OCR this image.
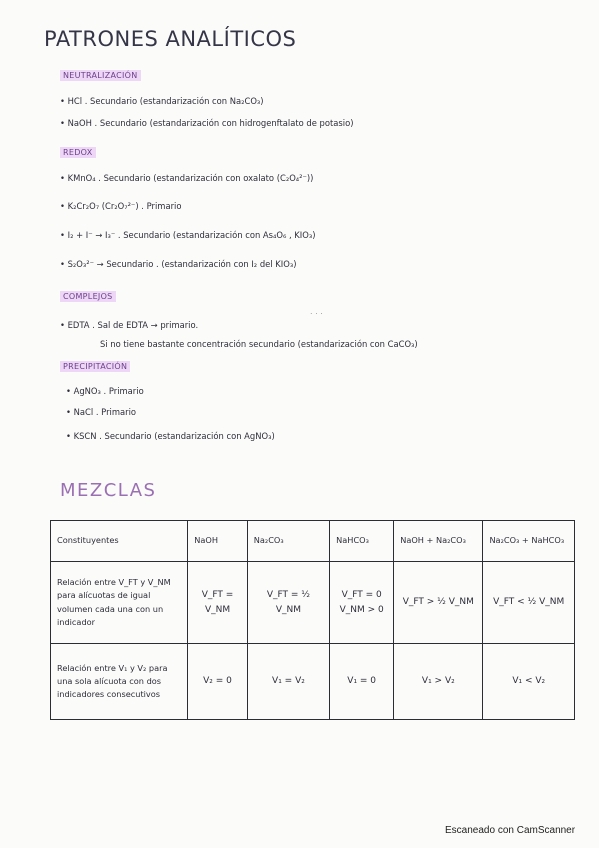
PATRONES ANALÍTICOS
NEUTRALIZACIÓN
• HCl . Secundario (estandarización con Na₂CO₃)
• NaOH . Secundario (estandarización con hidrogenftalato de potasio)
REDOX
• KMnO₄ . Secundario (estandarización con oxalato (C₂O₄²⁻))
• K₂Cr₂O₇ (Cr₂O₇²⁻) . Primario
• I₂ + I⁻ → I₃⁻ . Secundario (estandarización con As₄O₆ , KIO₃)
• S₂O₃²⁻ → Secundario . (estandarización con I₂ del KIO₃)
COMPLEJOS
. . .
• EDTA . Sal de EDTA → primario.
Si no tiene bastante concentración secundario (estandarización con CaCO₃)
PRECIPITACIÓN
• AgNO₃ . Primario
• NaCl . Primario
• KSCN . Secundario (estandarización con AgNO₃)
MEZCLAS
Constituyentes	NaOH	Na₂CO₃	NaHCO₃	NaOH + Na₂CO₃	Na₂CO₃ + NaHCO₃
Relación entre V_FT y V_NM para alícuotas de igual volumen cada una con un indicador	V_FT = V_NM	V_FT = ½ V_NM	V_FT = 0 V_NM > 0	V_FT > ½ V_NM	V_FT < ½ V_NM
Relación entre V₁ y V₂ para una sola alícuota con dos indicadores consecutivos	V₂ = 0	V₁ = V₂	V₁ = 0	V₁ > V₂	V₁ < V₂
Escaneado con CamScanner
